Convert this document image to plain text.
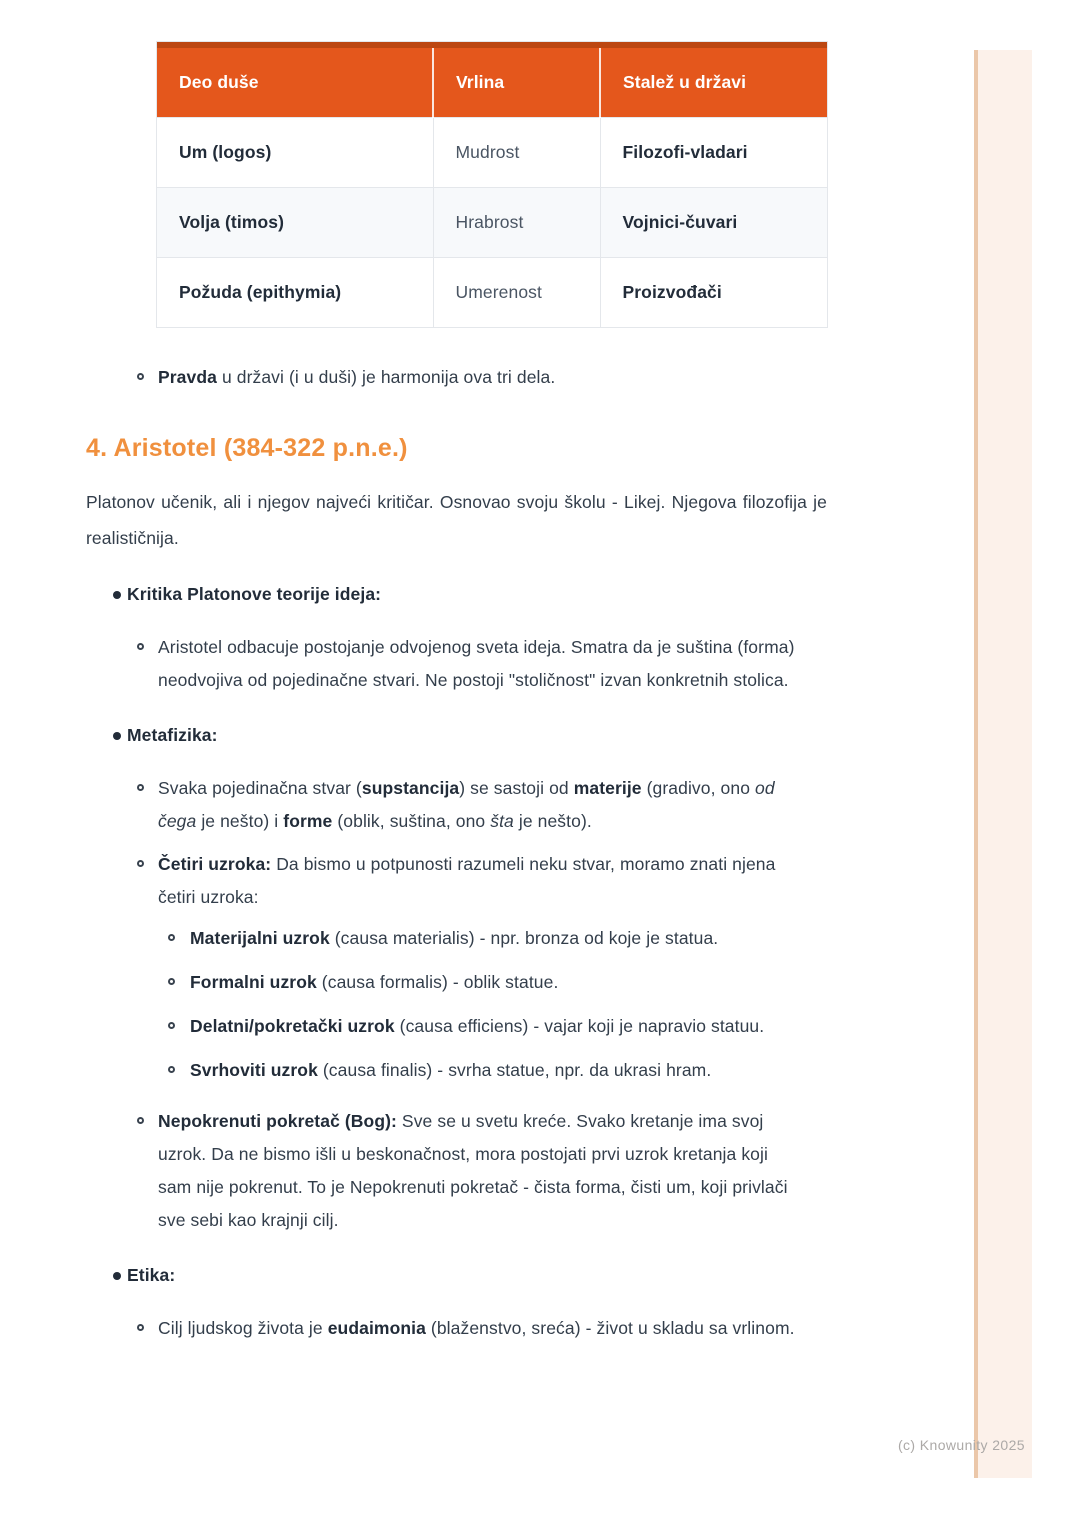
Deo duše	Vrlina	Stalež u državi
Um (logos)	Mudrost	Filozofi-vladari
Volja (timos)	Hrabrost	Vojnici-čuvari
Požuda (epithymia)	Umerenost	Proizvođači
Pravda u državi (i u duši) je harmonija ova tri dela.
4. Aristotel (384-322 p.n.e.)

Platonov učenik, ali i njegov najveći kritičar. Osnovao svoju školu - Likej. Njegova filozofija je realističnija.

Kritika Platonove teorije ideja:
Aristotel odbacuje postojanje odvojenog sveta ideja. Smatra da je suština (forma) neodvojiva od pojedinačne stvari. Ne postoji "stoličnost" izvan konkretnih stolica.
Metafizika:
Svaka pojedinačna stvar (supstancija) se sastoji od materije (gradivo, ono od čega je nešto) i forme (oblik, suština, ono šta je nešto).
Četiri uzroka: Da bismo u potpunosti razumeli neku stvar, moramo znati njena četiri uzroka:
Materijalni uzrok (causa materialis) - npr. bronza od koje je statua.
Formalni uzrok (causa formalis) - oblik statue.
Delatni/pokretački uzrok (causa efficiens) - vajar koji je napravio statuu.
Svrhoviti uzrok (causa finalis) - svrha statue, npr. da ukrasi hram.
Nepokrenuti pokretač (Bog): Sve se u svetu kreće. Svako kretanje ima svoj uzrok. Da ne bismo išli u beskonačnost, mora postojati prvi uzrok kretanja koji sam nije pokrenut. To je Nepokrenuti pokretač - čista forma, čisti um, koji privlači sve sebi kao krajnji cilj.
Etika:
Cilj ljudskog života je eudaimonia (blaženstvo, sreća) - život u skladu sa vrlinom.
(c) Knowunity 2025
